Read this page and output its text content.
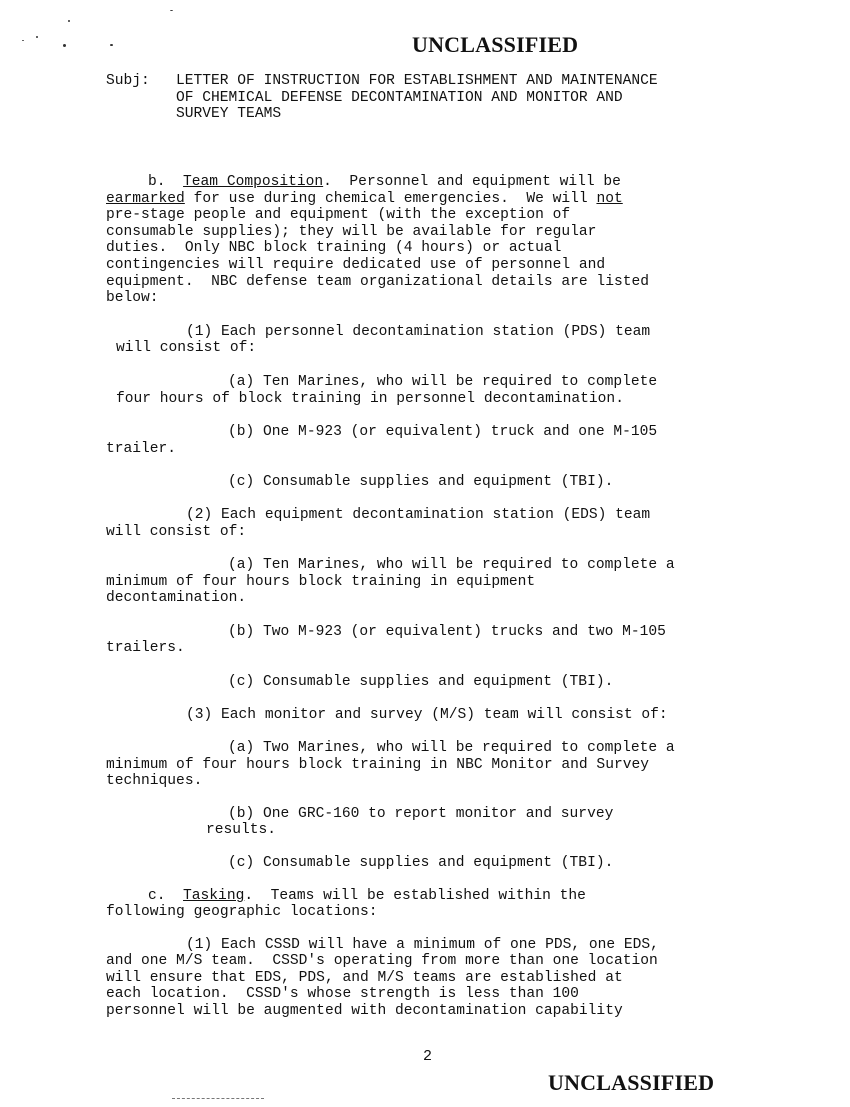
UNCLASSIFIED
Subj: LETTER OF INSTRUCTION FOR ESTABLISHMENT AND MAINTENANCE
OF CHEMICAL DEFENSE DECONTAMINATION AND MONITOR AND
SURVEY TEAMS
b. Team Composition.  Personnel and equipment will be
earmarked for use during chemical emergencies.  We will not
pre-stage people and equipment (with the exception of
consumable supplies); they will be available for regular
duties.  Only NBC block training (4 hours) or actual
contingencies will require dedicated use of personnel and
equipment.  NBC defense team organizational details are listed
below:
(1) Each personnel decontamination station (PDS) team
will consist of:
(a) Ten Marines, who will be required to complete
four hours of block training in personnel decontamination.
(b) One M-923 (or equivalent) truck and one M-105
trailer.
(c) Consumable supplies and equipment (TBI).
(2) Each equipment decontamination station (EDS) team
will consist of:
(a) Ten Marines, who will be required to complete a
minimum of four hours block training in equipment
decontamination.
(b) Two M-923 (or equivalent) trucks and two M-105
trailers.
(c) Consumable supplies and equipment (TBI).
(3) Each monitor and survey (M/S) team will consist of:
(a) Two Marines, who will be required to complete a
minimum of four hours block training in NBC Monitor and Survey
techniques.
(b) One GRC-160 to report monitor and survey
results.
(c) Consumable supplies and equipment (TBI).
c. Tasking.  Teams will be established within the
following geographic locations:
(1) Each CSSD will have a minimum of one PDS, one EDS,
and one M/S team.  CSSD's operating from more than one location
will ensure that EDS, PDS, and M/S teams are established at
each location.  CSSD's whose strength is less than 100
personnel will be augmented with decontamination capability
2
UNCLASSIFIED
